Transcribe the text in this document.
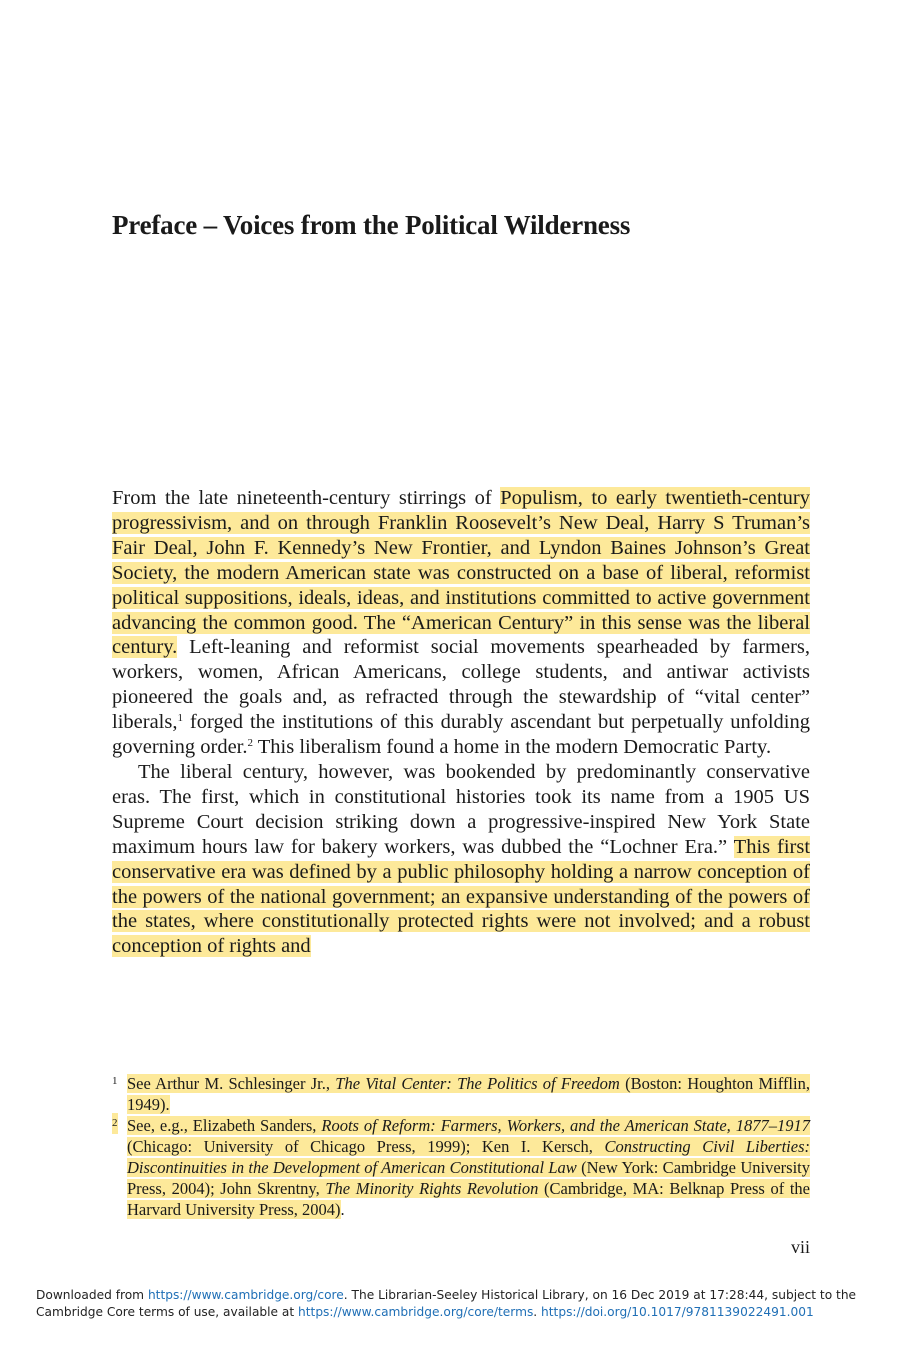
Preface – Voices from the Political Wilderness

From the late nineteenth-century stirrings of Populism, to early twentieth-century progressivism, and on through Franklin Roosevelt’s New Deal, Harry S Truman’s Fair Deal, John F. Kennedy’s New Frontier, and Lyndon Baines Johnson’s Great Society, the modern American state was constructed on a base of liberal, reformist political suppositions, ideals, ideas, and institutions committed to active government advancing the common good. The “American Century” in this sense was the liberal century. Left-leaning and reformist social movements spearheaded by farmers, workers, women, African Americans, college students, and antiwar activists pioneered the goals and, as refracted through the stewardship of “vital center” liberals,$^1$ forged the institutions of this durably ascendant but perpetually unfolding governing order.$^2$ This liberalism found a home in the modern Democratic Party.

The liberal century, however, was bookended by predominantly conservative eras. The first, which in constitutional histories took its name from a 1905 US Supreme Court decision striking down a progressive-inspired New York State maximum hours law for bakery workers, was dubbed the “Lochner Era.” This first conservative era was defined by a public philosophy holding a narrow conception of the powers of the national government; an expansive understanding of the powers of the states, where constitutionally protected rights were not involved; and a robust conception of rights and

1 See Arthur M. Schlesinger Jr., The Vital Center: The Politics of Freedom (Boston: Houghton Mifflin, 1949).

2 See, e.g., Elizabeth Sanders, Roots of Reform: Farmers, Workers, and the American State, 1877–1917 (Chicago: University of Chicago Press, 1999); Ken I. Kersch, Constructing Civil Liberties: Discontinuities in the Development of American Constitutional Law (New York: Cambridge University Press, 2004); John Skrentny, The Minority Rights Revolution (Cambridge, MA: Belknap Press of the Harvard University Press, 2004).

vii
Downloaded from https://www.cambridge.org/core. The Librarian-Seeley Historical Library, on 16 Dec 2019 at 17:28:44, subject to the Cambridge Core terms of use, available at https://www.cambridge.org/core/terms. https://doi.org/10.1017/9781139022491.001
